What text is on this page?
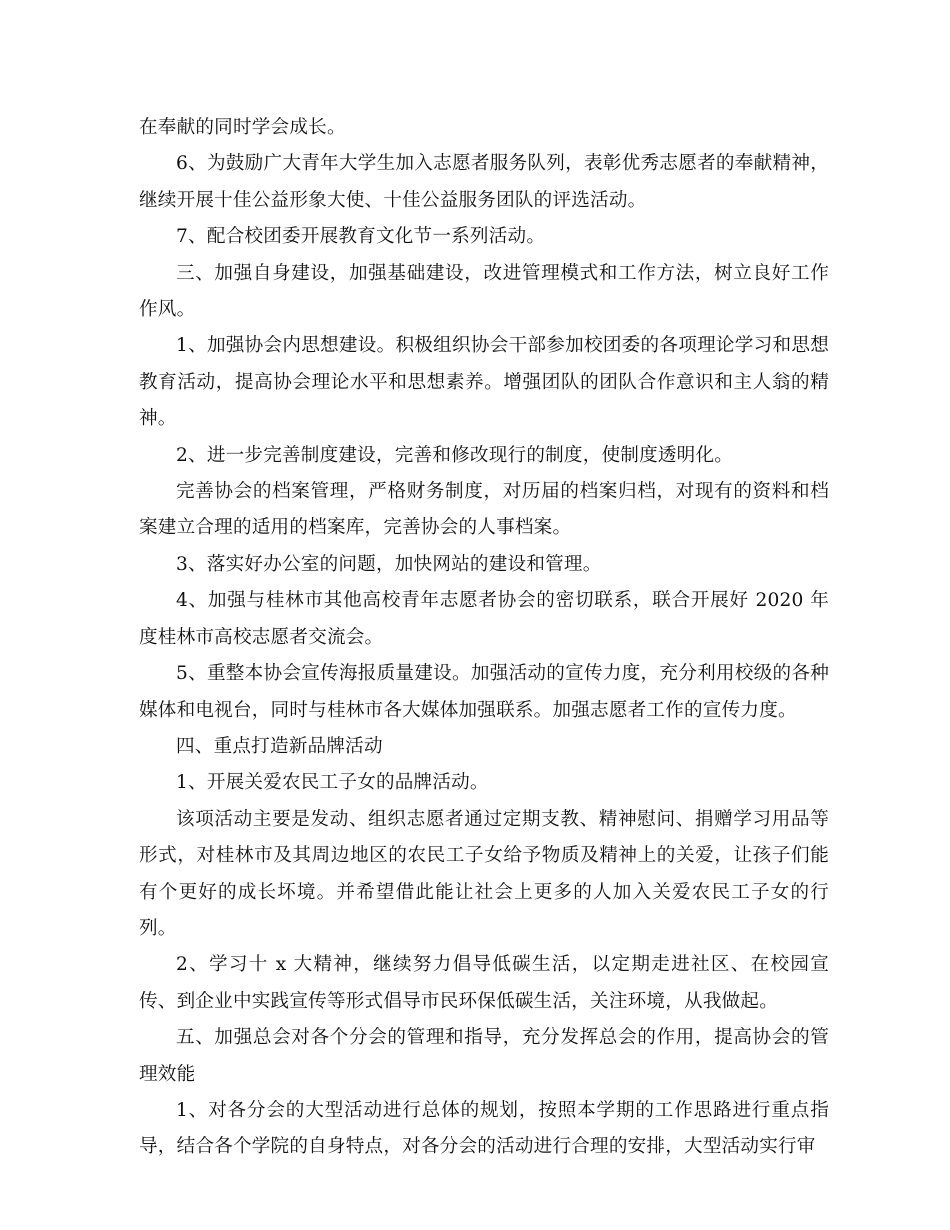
在奉献的同时学会成长。

6、为鼓励广大青年大学生加入志愿者服务队列，表彰优秀志愿者的奉献精神，继续开展十佳公益形象大使、十佳公益服务团队的评选活动。

7、配合校团委开展教育文化节一系列活动。

三、加强自身建设，加强基础建设，改进管理模式和工作方法，树立良好工作作风。

1、加强协会内思想建设。积极组织协会干部参加校团委的各项理论学习和思想教育活动，提高协会理论水平和思想素养。增强团队的团队合作意识和主人翁的精神。

2、进一步完善制度建设，完善和修改现行的制度，使制度透明化。

完善协会的档案管理，严格财务制度，对历届的档案归档，对现有的资料和档案建立合理的适用的档案库，完善协会的人事档案。

3、落实好办公室的问题，加快网站的建设和管理。

4、加强与桂林市其他高校青年志愿者协会的密切联系，联合开展好 2020 年度桂林市高校志愿者交流会。

5、重整本协会宣传海报质量建设。加强活动的宣传力度，充分利用校级的各种媒体和电视台，同时与桂林市各大媒体加强联系。加强志愿者工作的宣传力度。

四、重点打造新品牌活动

1、开展关爱农民工子女的品牌活动。

该项活动主要是发动、组织志愿者通过定期支教、精神慰问、捐赠学习用品等形式，对桂林市及其周边地区的农民工子女给予物质及精神上的关爱，让孩子们能有个更好的成长坏境。并希望借此能让社会上更多的人加入关爱农民工子女的行列。

2、学习十 x 大精神，继续努力倡导低碳生活，以定期走进社区、在校园宣传、到企业中实践宣传等形式倡导市民环保低碳生活，关注环境，从我做起。

五、加强总会对各个分会的管理和指导，充分发挥总会的作用，提高协会的管理效能

1、对各分会的大型活动进行总体的规划，按照本学期的工作思路进行重点指导，结合各个学院的自身特点，对各分会的活动进行合理的安排，大型活动实行审
